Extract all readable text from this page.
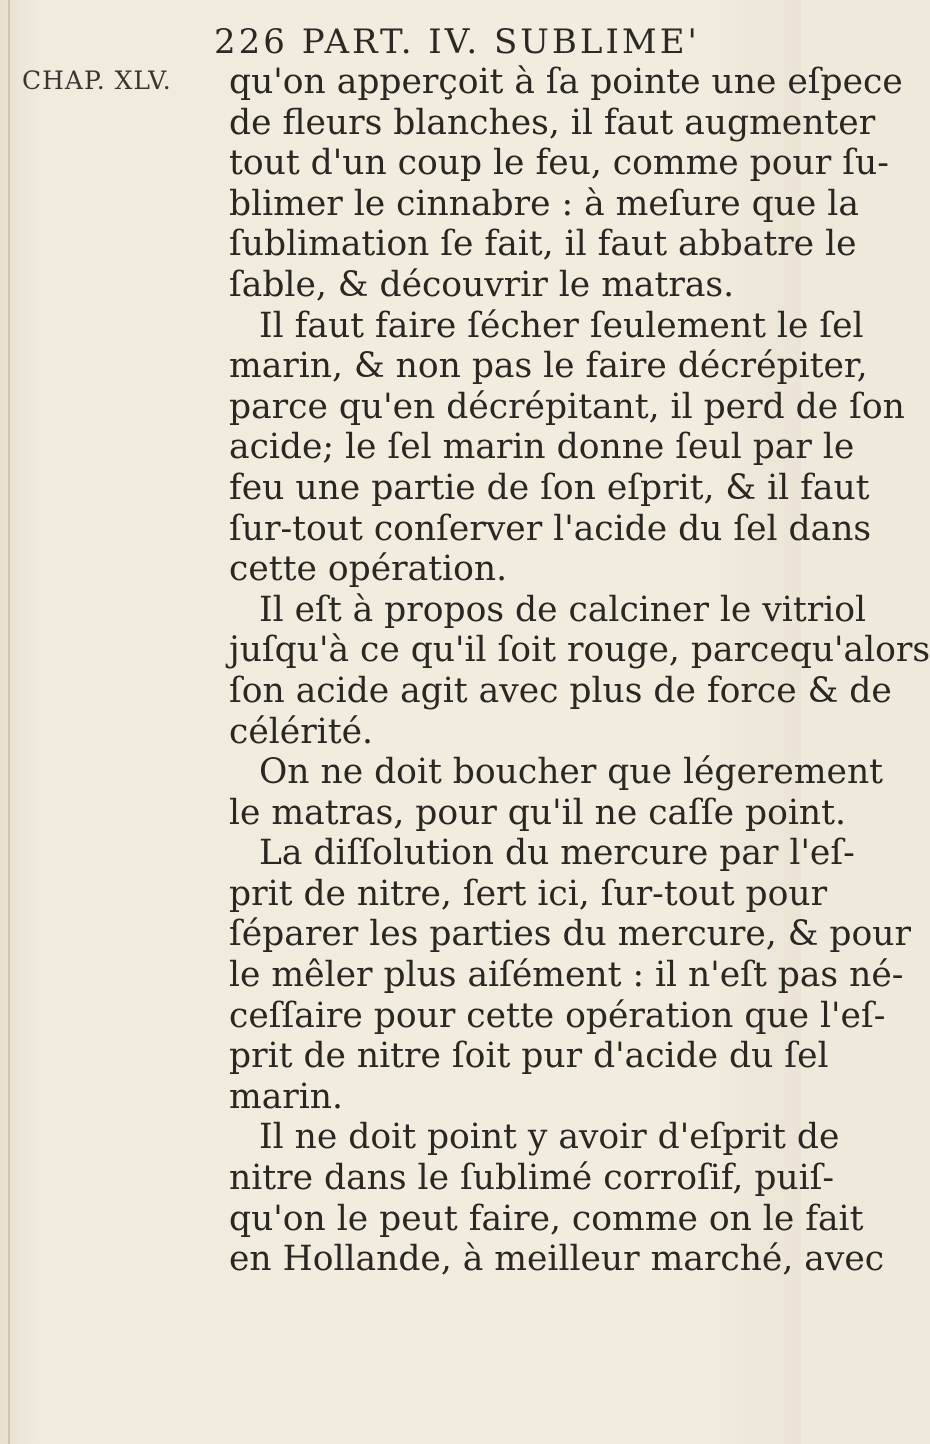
226 PART. IV. SUBLIME'
CHAP. XLV. qu'on apperçoit à ſa pointe une eſpece
de fleurs blanches, il faut augmenter
tout d'un coup le feu, comme pour ſu-
blimer le cinnabre : à meſure que la
ſublimation ſe fait, il faut abbatre le
ſable, & découvrir le matras.
Il faut faire ſécher ſeulement le ſel
marin, & non pas le faire décrépiter,
parce qu'en décrépitant, il perd de ſon
acide; le ſel marin donne ſeul par le
feu une partie de ſon eſprit, & il faut
ſur-tout conſerver l'acide du ſel dans
cette opération.
Il eſt à propos de calciner le vitriol
juſqu'à ce qu'il ſoit rouge, parcequ'alors
ſon acide agit avec plus de force & de
célérité.
On ne doit boucher que légerement
le matras, pour qu'il ne caſſe point.
La diſſolution du mercure par l'eſ-
prit de nitre, ſert ici, ſur-tout pour
ſéparer les parties du mercure, & pour
le mêler plus aiſément : il n'eſt pas né-
ceſſaire pour cette opération que l'eſ-
prit de nitre ſoit pur d'acide du ſel
marin.
Il ne doit point y avoir d'eſprit de
nitre dans le ſublimé corroſif, puiſ-
qu'on le peut faire, comme on le fait
en Hollande, à meilleur marché, avec
